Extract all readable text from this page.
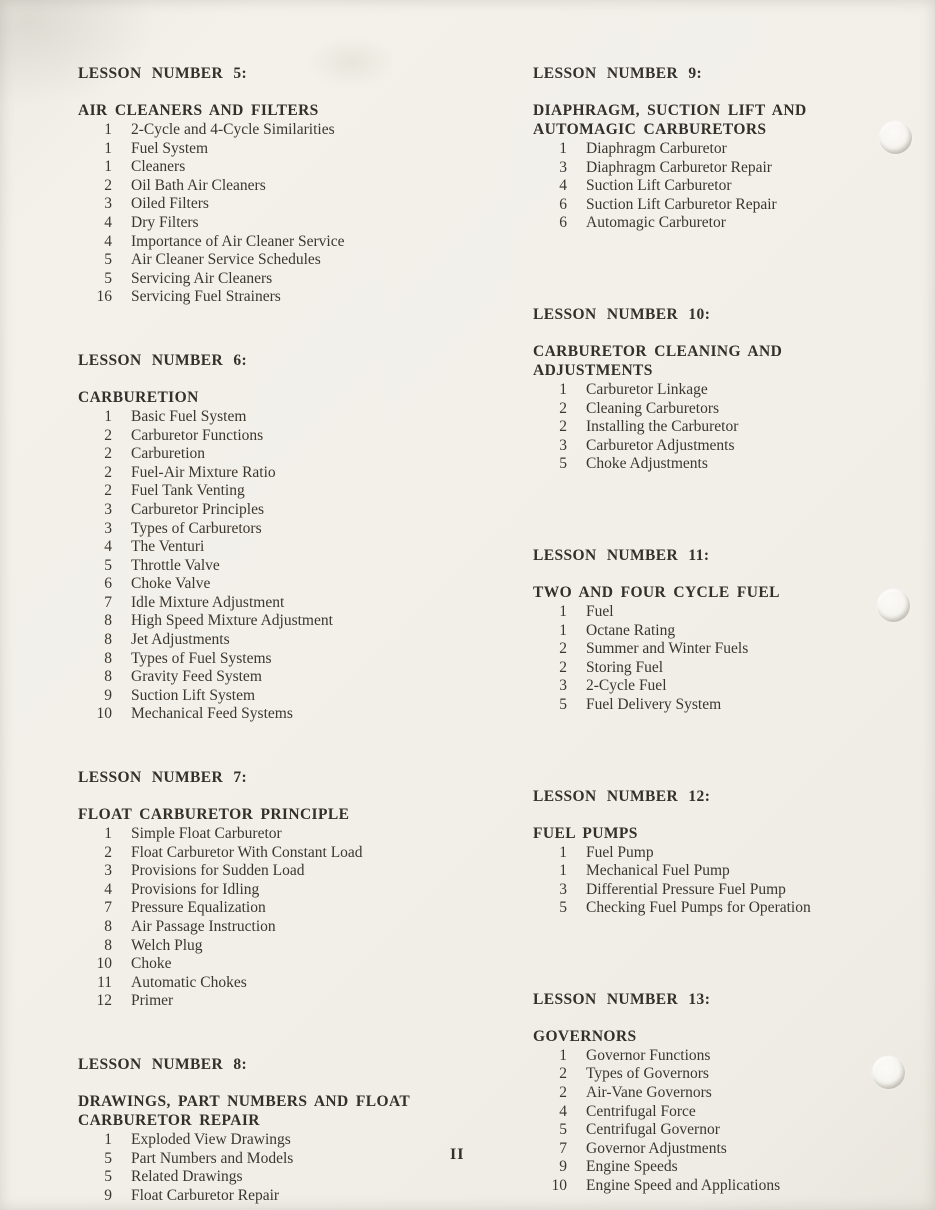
LESSON NUMBER 5:
AIR CLEANERS AND FILTERS
1 2-Cycle and 4-Cycle Similarities
1 Fuel System
1 Cleaners
2 Oil Bath Air Cleaners
3 Oiled Filters
4 Dry Filters
4 Importance of Air Cleaner Service
5 Air Cleaner Service Schedules
5 Servicing Air Cleaners
16 Servicing Fuel Strainers
LESSON NUMBER 6:
CARBURETION
1 Basic Fuel System
2 Carburetor Functions
2 Carburetion
2 Fuel-Air Mixture Ratio
2 Fuel Tank Venting
3 Carburetor Principles
3 Types of Carburetors
4 The Venturi
5 Throttle Valve
6 Choke Valve
7 Idle Mixture Adjustment
8 High Speed Mixture Adjustment
8 Jet Adjustments
8 Types of Fuel Systems
8 Gravity Feed System
9 Suction Lift System
10 Mechanical Feed Systems
LESSON NUMBER 7:
FLOAT CARBURETOR PRINCIPLE
1 Simple Float Carburetor
2 Float Carburetor With Constant Load
3 Provisions for Sudden Load
4 Provisions for Idling
7 Pressure Equalization
8 Air Passage Instruction
8 Welch Plug
10 Choke
11 Automatic Chokes
12 Primer
LESSON NUMBER 8:
DRAWINGS, PART NUMBERS AND FLOAT CARBURETOR REPAIR
1 Exploded View Drawings
5 Part Numbers and Models
5 Related Drawings
9 Float Carburetor Repair
LESSON NUMBER 9:
DIAPHRAGM, SUCTION LIFT AND AUTOMAGIC CARBURETORS
1 Diaphragm Carburetor
3 Diaphragm Carburetor Repair
4 Suction Lift Carburetor
6 Suction Lift Carburetor Repair
6 Automagic Carburetor
LESSON NUMBER 10:
CARBURETOR CLEANING AND ADJUSTMENTS
1 Carburetor Linkage
2 Cleaning Carburetors
2 Installing the Carburetor
3 Carburetor Adjustments
5 Choke Adjustments
LESSON NUMBER 11:
TWO AND FOUR CYCLE FUEL
1 Fuel
1 Octane Rating
2 Summer and Winter Fuels
2 Storing Fuel
3 2-Cycle Fuel
5 Fuel Delivery System
LESSON NUMBER 12:
FUEL PUMPS
1 Fuel Pump
1 Mechanical Fuel Pump
3 Differential Pressure Fuel Pump
5 Checking Fuel Pumps for Operation
LESSON NUMBER 13:
GOVERNORS
1 Governor Functions
2 Types of Governors
2 Air-Vane Governors
4 Centrifugal Force
5 Centrifugal Governor
7 Governor Adjustments
9 Engine Speeds
10 Engine Speed and Applications
II
